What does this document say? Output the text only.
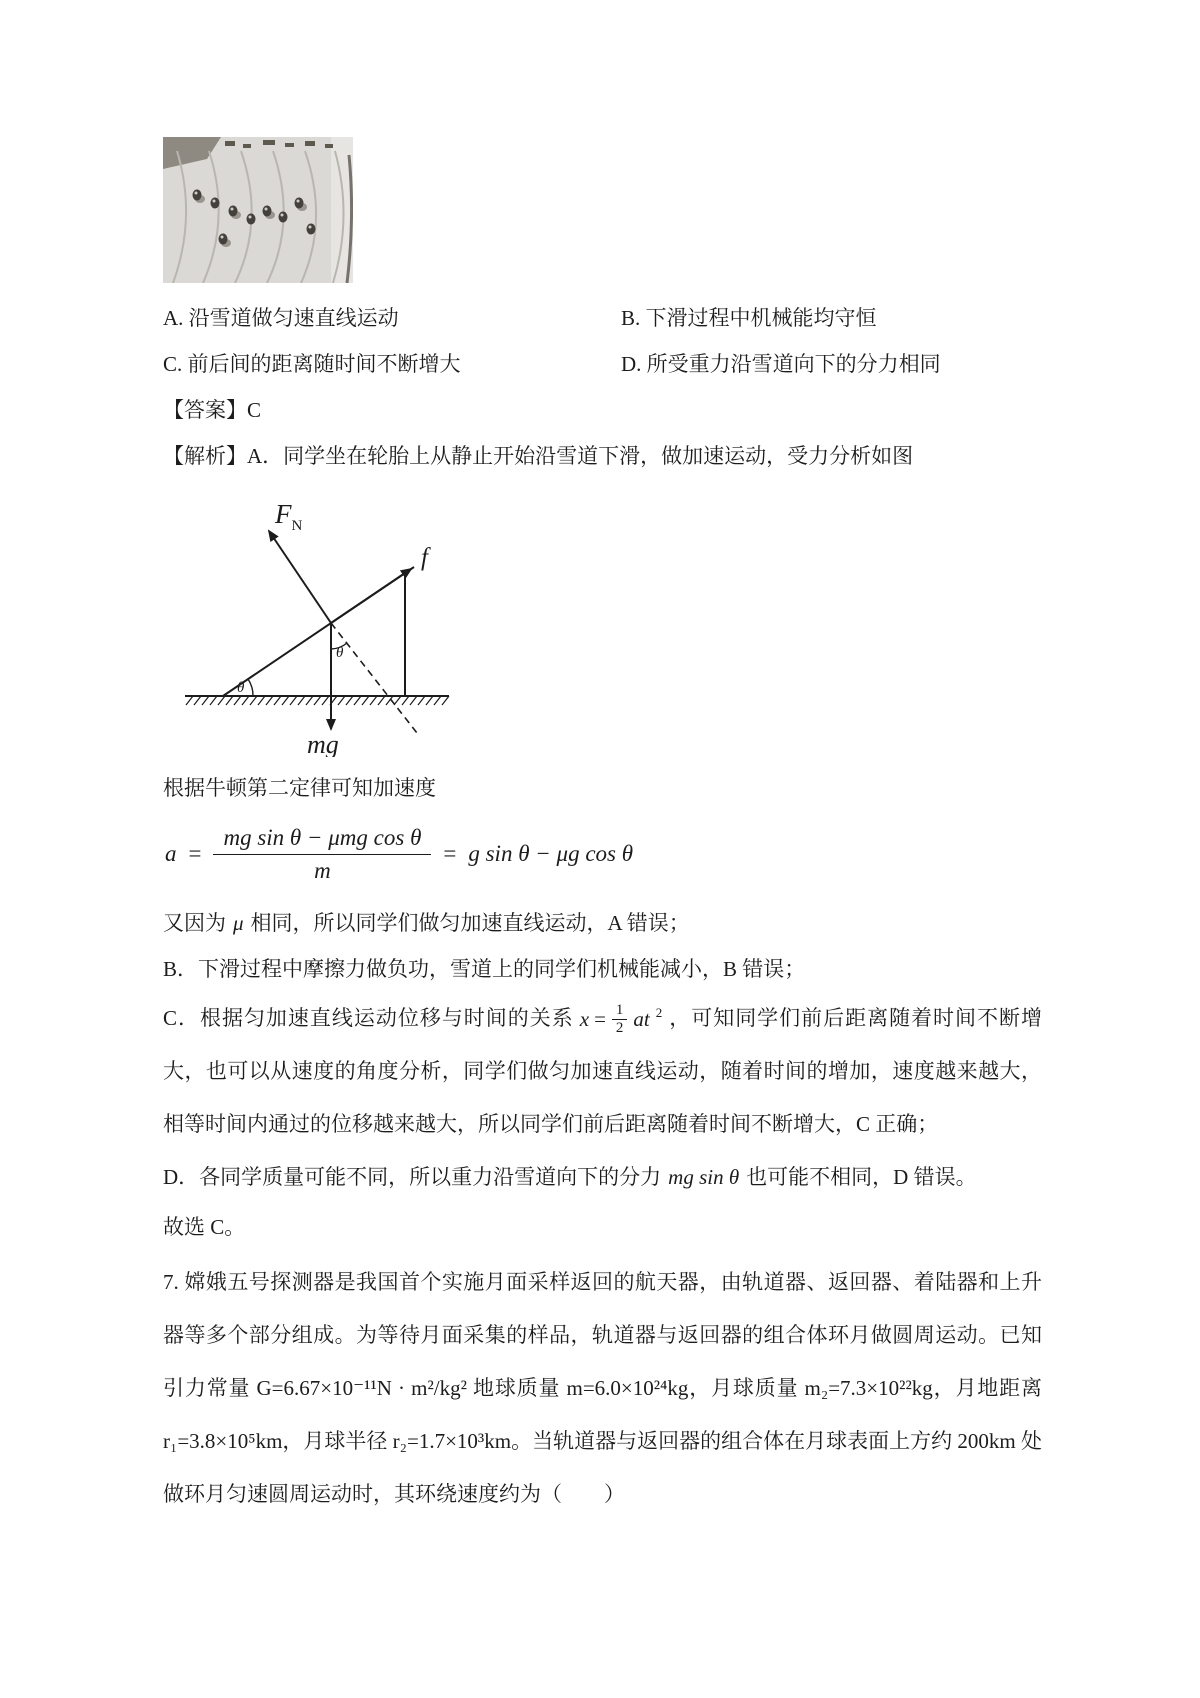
A. 沿雪道做匀速直线运动	B. 下滑过程中机械能均守恒
C. 前后间的距离随时间不断增大	D. 所受重力沿雪道向下的分力相同
【答案】C
【解析】A．同学坐在轮胎上从静止开始沿雪道下滑，做加速运动，受力分析如图
$F_N$
f
mg
θ
θ
根据牛顿第二定律可知加速度
$a = \frac{\text{mg sin θ − μmg cos θ}}{m} = g$ sin θ − μg cos θ
又因为 μ 相同，所以同学们做匀加速直线运动，A 错误；
B．下滑过程中摩擦力做负功，雪道上的同学们机械能减小，B 错误；
C．根据匀加速直线运动位移与时间的关系 $x = \frac{1}{2}$ at $^2$ ，可知同学们前后距离随着时间不断增大，也可以从速度的角度分析，同学们做匀加速直线运动，随着时间的增加，速度越来越大，相等时间内通过的位移越来越大，所以同学们前后距离随着时间不断增大，C 正确；
D．各同学质量可能不同，所以重力沿雪道向下的分力 mg sin θ 也可能不相同，D 错误。
故选 C。
7. 嫦娥五号探测器是我国首个实施月面采样返回的航天器，由轨道器、返回器、着陆器和上升器等多个部分组成。为等待月面采集的样品，轨道器与返回器的组合体环月做圆周运动。已知引力常量 G=6.67×10⁻¹¹N · m²/kg² 地球质量 m=6.0×10²⁴kg，月球质量 m₂=7.3×10²²kg，月地距离 r₁=3.8×10⁵km，月球半径 r₂=1.7×10³km。当轨道器与返回器的组合体在月球表面上方约 200km 处做环月匀速圆周运动时，其环绕速度约为（　　）
